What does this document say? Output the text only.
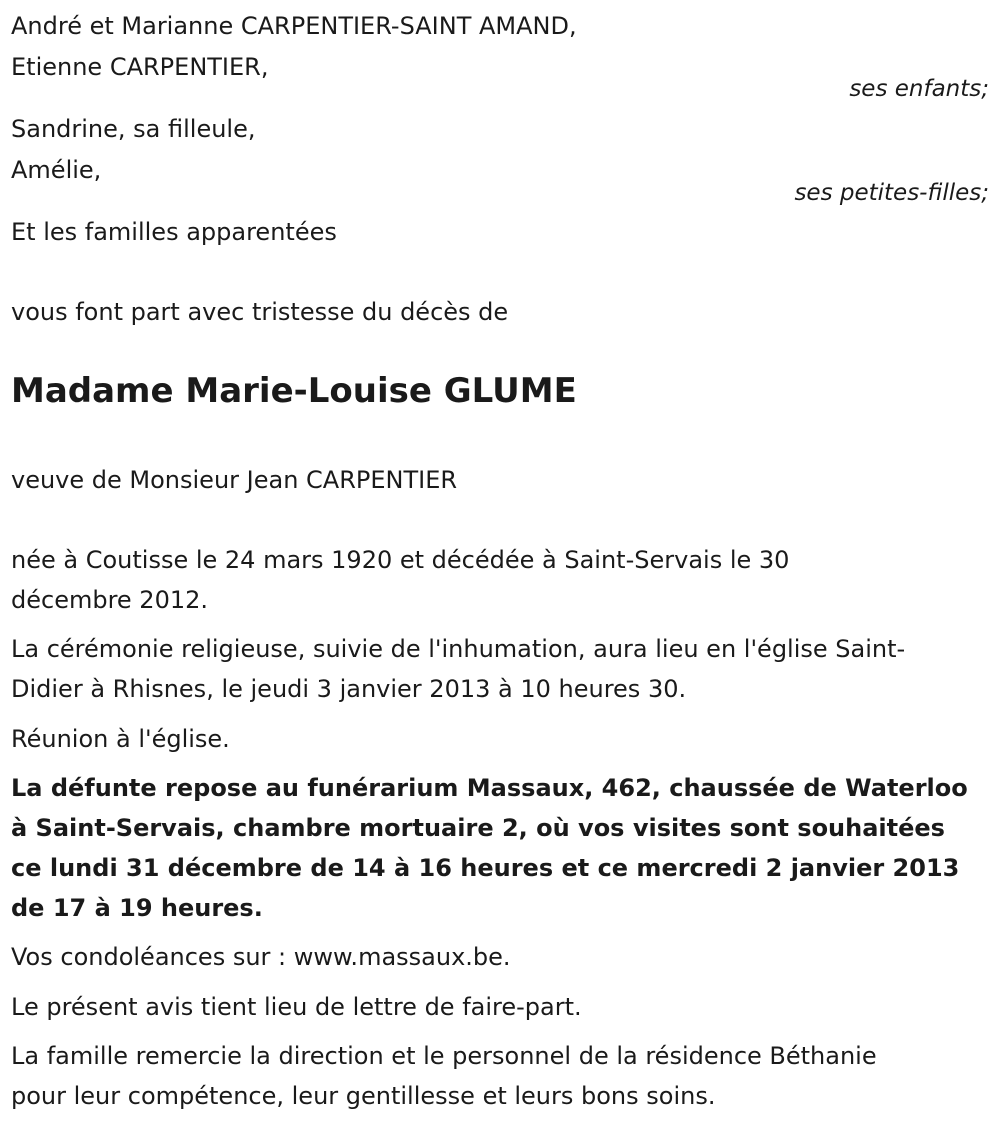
André et Marianne CARPENTIER-SAINT AMAND,
Etienne CARPENTIER,
ses enfants;
Sandrine, sa filleule,
Amélie,
ses petites-filles;
Et les familles apparentées
vous font part avec tristesse du décès de
Madame Marie-Louise GLUME
veuve de Monsieur Jean CARPENTIER
née à Coutisse le 24 mars 1920 et décédée à Saint-Servais le 30
décembre 2012.
La cérémonie religieuse, suivie de l'inhumation, aura lieu en l'église Saint-
Didier à Rhisnes, le jeudi 3 janvier 2013 à 10 heures 30.
Réunion à l'église.
La défunte repose au funérarium Massaux, 462, chaussée de Waterloo
à Saint-Servais, chambre mortuaire 2, où vos visites sont souhaitées
ce lundi 31 décembre de 14 à 16 heures et ce mercredi 2 janvier 2013
de 17 à 19 heures.
Vos condoléances sur : www.massaux.be.
Le présent avis tient lieu de lettre de faire-part.
La famille remercie la direction et le personnel de la résidence Béthanie
pour leur compétence, leur gentillesse et leurs bons soins.
